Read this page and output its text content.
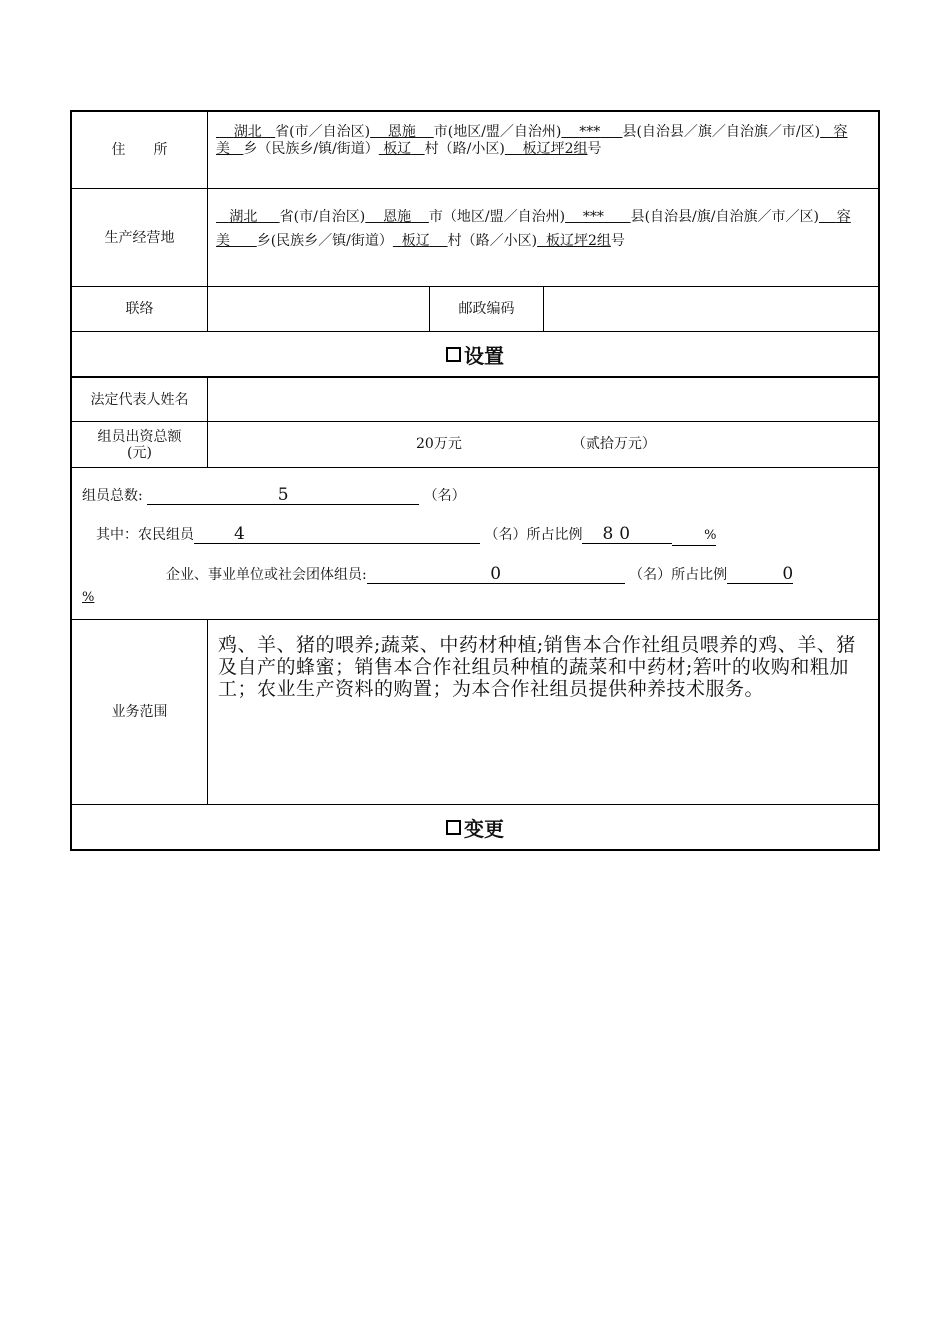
住　　所
湖北 省(市／自治区) 恩施 市(地区/盟／自治州) *** 县(自治县／旗／自治旗／市/区) 容美 乡（民族乡/镇/街道） 板辽 村（路/小区) 板辽坪2组号
生产经营地
湖北 省(市/自治区) 恩施 市（地区/盟／自治州) *** 县(自治县/旗/自治旗／市／区) 容美 乡(民族乡／镇/街道） 板辽 村（路／小区) 板辽坪2组号
联络	邮政编码
设置
法定代表人姓名
组员出资总额(元)
20万元	（贰拾万元）
组员总数:	5	（名）
其中：农民组员 4	（名）所占比例 80	%
企业、事业单位或社会团体组员:	0	（名）所占比例	0
%
业务范围
鸡、羊、猪的喂养;蔬菜、中药材种植;销售本合作社组员喂养的鸡、羊、猪及自产的蜂蜜；销售本合作社组员种植的蔬菜和中药材;箬叶的收购和粗加工；农业生产资料的购置；为本合作社组员提供种养技术服务。
变更
